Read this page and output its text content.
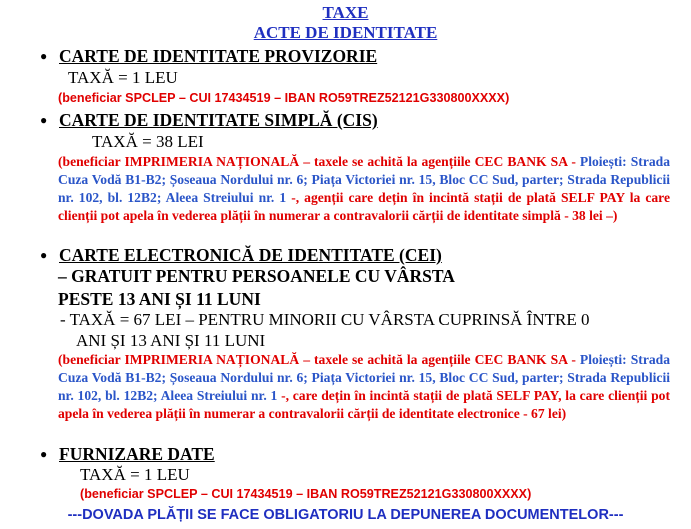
TAXE
ACTE DE IDENTITATE
● CARTE DE IDENTITATE PROVIZORIE
TAXĂ = 1 LEU
(beneficiar SPCLEP – CUI 17434519 – IBAN RO59TREZ52121G330800XXXX)
● CARTE DE IDENTITATE SIMPLĂ (CIS)
TAXĂ = 38 LEI
(beneficiar IMPRIMERIA NAȚIONALĂ – taxele se achită la agențiile CEC BANK SA - Ploiești: Strada Cuza Vodă B1-B2; Șoseaua Nordului nr. 6; Piața Victoriei nr. 15, Bloc CC Sud, parter; Strada Republicii nr. 102, bl. 12B2; Aleea Streiului nr. 1 -, agenții care dețin în incintă stații de plată SELF PAY la care clienții pot apela în vederea plății în numerar a contravalorii cărții de identitate simplă - 38 lei –)
● CARTE ELECTRONICĂ DE IDENTITATE (CEI)
– GRATUIT PENTRU PERSOANELE CU VÂRSTA
PESTE 13 ANI ȘI 11 LUNI
- TAXĂ = 67 LEI – PENTRU MINORII CU VÂRSTA CUPRINSĂ ÎNTRE 0
ANI ȘI 13 ANI ȘI 11 LUNI
(beneficiar IMPRIMERIA NAȚIONALĂ – taxele se achită la agențiile CEC BANK SA - Ploiești: Strada Cuza Vodă B1-B2; Șoseaua Nordului nr. 6; Piața Victoriei nr. 15, Bloc CC Sud, parter; Strada Republicii nr. 102, bl. 12B2; Aleea Streiului nr. 1 -, care dețin în incintă stații de plată SELF PAY, la care clienții pot apela în vederea plății în numerar a contravalorii cărții de identitate electronice - 67 lei)
● FURNIZARE DATE
TAXĂ = 1 LEU
(beneficiar SPCLEP – CUI 17434519 – IBAN RO59TREZ52121G330800XXXX)
---DOVADA PLĂȚII SE FACE OBLIGATORIU LA DEPUNEREA DOCUMENTELOR---
